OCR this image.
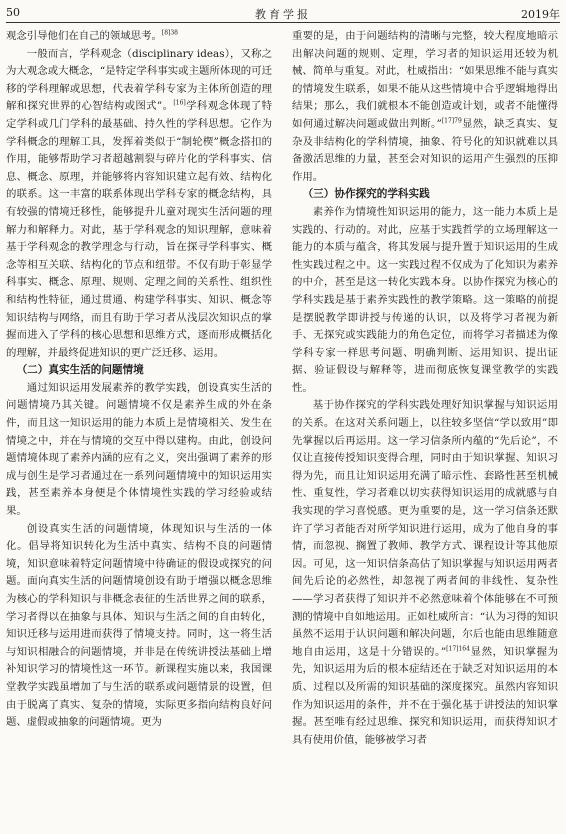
50	教育学报	2019年

观念引导他们在自己的领域思考。$^{[8]38}$

一般而言，学科观念（disciplinary ideas），又称之为大观念或大概念，“是特定学科事实或主题所体现的可迁移的学科理解或思想，代表着学科专家为主体所创造的理解和探究世界的心智结构或图式”。[16]学科观念体现了特定学科或几门学科的最基础、持久性的学科思想。它作为学科概念的理解工具，发挥着类似于“制轮楔”概念搭扣的作用，能够帮助学习者超越割裂与碎片化的学科事实、信息、概念、原理，并能够将内容知识建立起有效、结构化的联系。这一丰富的联系体现出学科专家的概念结构，具有较强的情境迁移性，能够提升儿童对现实生活问题的理解力和解释力。对此，基于学科观念的知识理解，意味着基于学科观念的教学理念与行动，旨在探寻学科事实、概念等相互关联、结构化的节点和纽带。不仅有助于彰显学科事实、概念、原理、规则、定理之间的关系性、组织性和结构性特征，通过贯通、构建学科事实、知识、概念等知识结构与网络，而且有助于学习者从浅层次知识点的掌握而进入了学科的核心思想和思维方式，逐而形成概括化的理解，并最终促进知识的更广泛迁移、运用。

（二）真实生活的问题情境

通过知识运用发展素养的教学实践，创设真实生活的问题情境乃其关键。问题情境不仅是素养生成的外在条件，而且这一知识运用的能力本质上是情境相关、发生在情境之中，并在与情境的交互中得以建构。由此，创设问题情境体现了素养内涵的应有之义，突出强调了素养的形成与创生是学习者通过在一系列问题情境中的知识运用实践，甚至素养本身便是个体情境性实践的学习经验或结果。

创设真实生活的问题情境，体现知识与生活的一体化。倡导将知识转化为生活中真实、结构不良的问题情境，知识意味着特定问题情境中待确证的假设或探究的问题。面向真实生活的问题情境创设有助于增强以概念思维为核心的学科知识与非概念表征的生活世界之间的联系，学习者得以在抽象与具体、知识与生活之间的自由转化，知识迁移与运用进而获得了情境支持。同时，这一将生活与知识相融合的问题情境，并非是在传统讲授法基础上增补知识学习的情境性这一环节。新课程实施以来，我国课堂教学实践虽增加了与生活的联系或问题情景的设置，但由于脱离了真实、复杂的情境，实际更多指向结构良好问题、虚假或抽象的问题情境。更为

重要的是，由于问题结构的清晰与完整，较大程度地暗示出解决问题的规则、定理，学习者的知识运用还较为机械、简单与重复。对此，杜威指出：“如果思维不能与真实的情境发生联系，如果不能从这些情境中合乎逻辑地得出结果；那么，我们就根本不能创造或计划，或者不能懂得如何通过解决问题或做出判断。”$^{[17]79}$显然，缺乏真实、复杂及非结构化的学科情境，抽象、符号化的知识就难以具备激活思维的力量，甚至会对知识的运用产生强烈的压抑作用。

（三）协作探究的学科实践

素养作为情境性知识运用的能力，这一能力本质上是实践的、行动的。对此，应基于实践哲学的立场理解这一能力的本质与蕴含，将其发展与提升置于知识运用的生成性实践过程之中。这一实践过程不仅成为了化知识为素养的中介，甚至是这一转化实践本身。以协作探究为核心的学科实践是基于素养实践性的教学策略。这一策略的前提是摆脱教学即讲授与传递的认识，以及将学习者视为新手、无探究或实践能力的角色定位，而将学习者描述为像学科专家一样思考问题、明确判断、运用知识、提出证据、验证假设与解释等，进而彻底恢复课堂教学的实践性。

基于协作探究的学科实践处理好知识掌握与知识运用的关系。在这对关系问题上，以往较多坚信“学以致用”即先掌握以后再运用。这一学习信条所内蕴的“先后论”，不仅让直接传授知识变得合理，同时由于知识掌握、知识习得为先，而且让知识运用充满了暗示性、套路性甚至机械性、重复性，学习者难以切实获得知识运用的成就感与自我实现的学习喜悦感。更为重要的是，这一学习信条还默许了学习者能否对所学知识进行运用，成为了他自身的事情，而忽视、搁置了教师、教学方式、课程设计等其他原因。可见，这一知识信条高估了知识掌握与知识运用两者间先后论的必然性，却忽视了两者间的非线性、复杂性——学习者获得了知识并不必然意味着个体能够在不可预测的情境中自如地运用。正如杜威所言：“认为习得的知识虽然不运用于认识问题和解决问题，尔后也能由思维随意地自由运用，这是十分错误的。”$^{[17]164}$显然，知识掌握为先，知识运用为后的根本症结还在于缺乏对知识运用的本质、过程以及所需的知识基础的深度探究。虽然内容知识作为知识运用的条件，并不在于强化基于讲授法的知识掌握。甚至唯有经过思维、探究和知识运用，而获得知识才具有使用价值，能够被学习者
